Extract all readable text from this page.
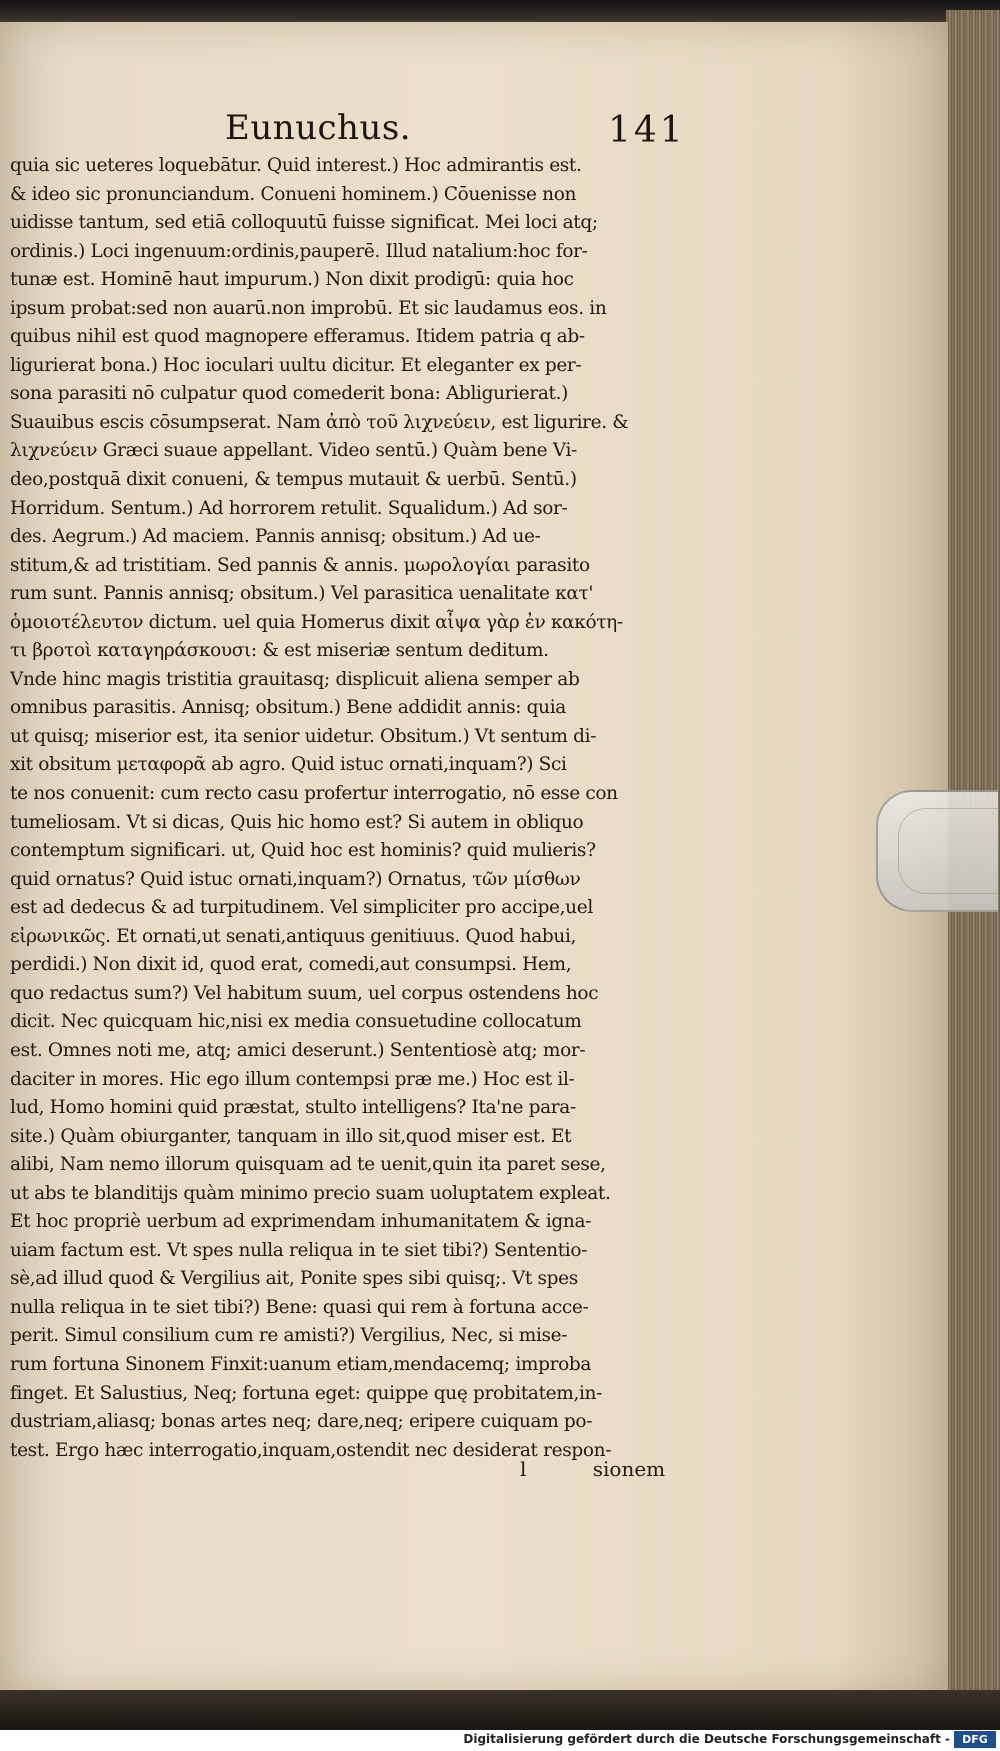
Eunuchus.	141
quia sic ueteres loquebātur. Quid interest.) Hoc admirantis est.
& ideo sic pronunciandum. Conueni hominem.) Cōuenisse non
uidisse tantum, sed etiā colloquutū fuisse significat. Mei loci atq;
ordinis.) Loci ingenuum:ordinis,pauperē. Illud natalium:hoc for-
tunæ est. Hominē haut impurum.) Non dixit prodigū: quia hoc
ipsum probat:sed non auarū.non improbū. Et sic laudamus eos. in
quibus nihil est quod magnopere efferamus. Itidem patria q ab-
ligurierat bona.) Hoc ioculari uultu dicitur. Et eleganter ex per-
sona parasiti nō culpatur quod comederit bona: Abligurierat.)
Suauibus escis cōsumpserat. Nam ἀπὸ τοῦ λιχνεύειν, est ligurire. &
λιχνεύειν Græci suaue appellant. Video sentū.) Quàm bene Vi-
deo,postquā dixit conueni, & tempus mutauit & uerbū. Sentū.)
Horridum. Sentum.) Ad horrorem retulit. Squalidum.) Ad sor-
des. Aegrum.) Ad maciem. Pannis annisq; obsitum.) Ad ue-
stitum,& ad tristitiam. Sed pannis & annis. μωρολογίαι parasito
rum sunt. Pannis annisq; obsitum.) Vel parasitica uenalitate κατ'
ὁμοιοτέλευτον dictum. uel quia Homerus dixit αἶψα γὰρ ἐν κακότη-
τι βροτοὶ καταγηράσκουσι: & est miseriæ sentum deditum.
Vnde hinc magis tristitia grauitasq; displicuit aliena semper ab
omnibus parasitis. Annisq; obsitum.) Bene addidit annis: quia
ut quisq; miserior est, ita senior uidetur. Obsitum.) Vt sentum di-
xit obsitum μεταφορᾶ ab agro. Quid istuc ornati,inquam?) Sci
te nos conuenit: cum recto casu profertur interrogatio, nō esse con
tumeliosam. Vt si dicas, Quis hic homo est? Si autem in obliquo
contemptum significari. ut, Quid hoc est hominis? quid mulieris?
quid ornatus? Quid istuc ornati,inquam?) Ornatus, τῶν μίσθων
est ad dedecus & ad turpitudinem. Vel simpliciter pro accipe,uel
εἰρωνικῶς. Et ornati,ut senati,antiquus genitiuus. Quod habui,
perdidi.) Non dixit id, quod erat, comedi,aut consumpsi. Hem,
quo redactus sum?) Vel habitum suum, uel corpus ostendens hoc
dicit. Nec quicquam hic,nisi ex media consuetudine collocatum
est. Omnes noti me, atq; amici deserunt.) Sententiosè atq; mor-
daciter in mores. Hic ego illum contempsi præ me.) Hoc est il-
lud, Homo homini quid præstat, stulto intelligens? Ita'ne para-
site.) Quàm obiurganter, tanquam in illo sit,quod miser est. Et
alibi, Nam nemo illorum quisquam ad te uenit,quin ita paret sese,
ut abs te blanditijs quàm minimo precio suam uoluptatem expleat.
Et hoc propriè uerbum ad exprimendam inhumanitatem & igna-
uiam factum est. Vt spes nulla reliqua in te siet tibi?) Sententio-
sè,ad illud quod & Vergilius ait, Ponite spes sibi quisq;. Vt spes
nulla reliqua in te siet tibi?) Bene: quasi qui rem à fortuna acce-
perit. Simul consilium cum re amisti?) Vergilius, Nec, si mise-
rum fortuna Sinonem Finxit:uanum etiam,mendacemq; improba
finget. Et Salustius, Neq; fortuna eget: quippe quę probitatem,in-
dustriam,aliasq; bonas artes neq; dare,neq; eripere cuiquam po-
test. Ergo hæc interrogatio,inquam,ostendit nec desiderat respon-
l	sionem
Digitalisierung gefördert durch die Deutsche Forschungsgemeinschaft -	DFG
